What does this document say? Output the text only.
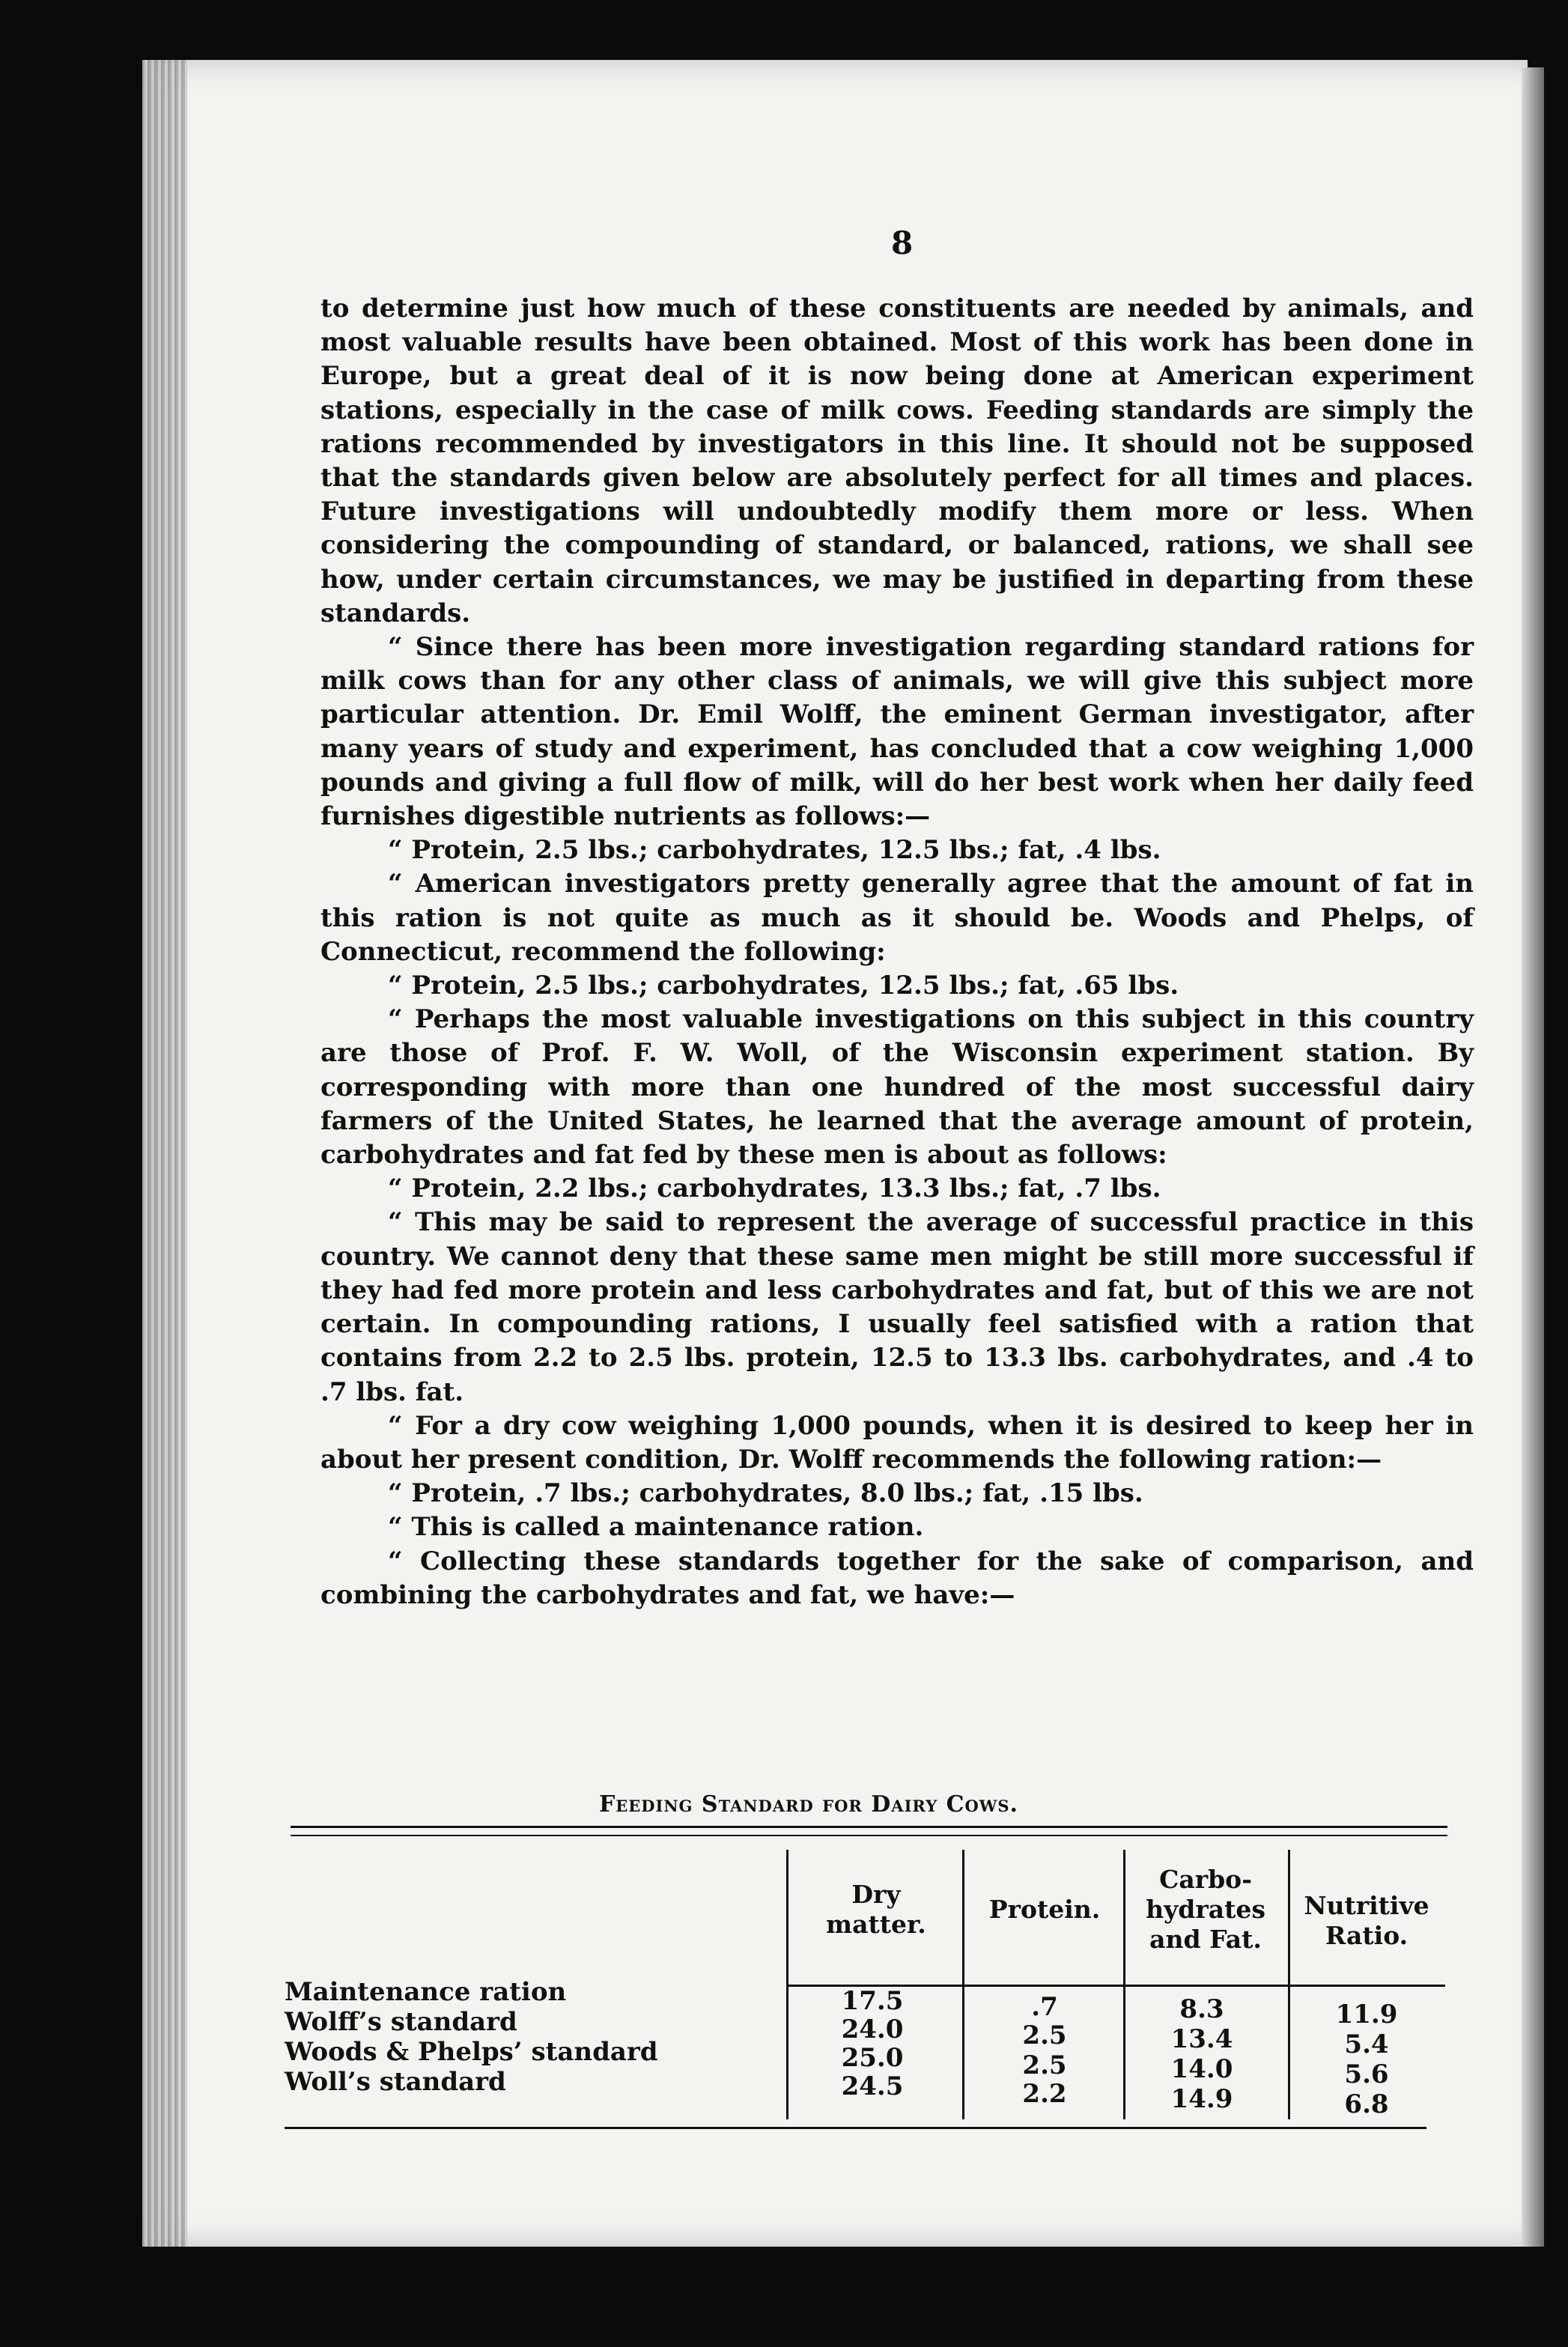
8

to determine just how much of these constituents are needed by animals, and most valuable results have been obtained. Most of this work has been done in Europe, but a great deal of it is now being done at American experiment stations, especially in the case of milk cows. Feeding standards are simply the rations recommended by investigators in this line. It should not be supposed that the standards given below are absolutely perfect for all times and places. Future investigations will undoubtedly modify them more or less. When considering the compounding of standard, or balanced, rations, we shall see how, under certain circumstances, we may be justified in departing from these standards.

“ Since there has been more investigation regarding standard rations for milk cows than for any other class of animals, we will give this subject more particular attention. Dr. Emil Wolff, the eminent German investigator, after many years of study and experiment, has concluded that a cow weighing 1,000 pounds and giving a full flow of milk, will do her best work when her daily feed furnishes digestible nutrients as follows:—

“ Protein, 2.5 lbs.; carbohydrates, 12.5 lbs.; fat, .4 lbs.

“ American investigators pretty generally agree that the amount of fat in this ration is not quite as much as it should be. Woods and Phelps, of Connecticut, recommend the following:

“ Protein, 2.5 lbs.; carbohydrates, 12.5 lbs.; fat, .65 lbs.

“ Perhaps the most valuable investigations on this subject in this country are those of Prof. F. W. Woll, of the Wisconsin experiment station. By corresponding with more than one hundred of the most successful dairy farmers of the United States, he learned that the average amount of protein, carbohydrates and fat fed by these men is about as follows:

“ Protein, 2.2 lbs.; carbohydrates, 13.3 lbs.; fat, .7 lbs.

“ This may be said to represent the average of successful practice in this country. We cannot deny that these same men might be still more successful if they had fed more protein and less carbohydrates and fat, but of this we are not certain. In compounding rations, I usually feel satisfied with a ration that contains from 2.2 to 2.5 lbs. protein, 12.5 to 13.3 lbs. carbohydrates, and .4 to .7 lbs. fat.

“ For a dry cow weighing 1,000 pounds, when it is desired to keep her in about her present condition, Dr. Wolff recommends the following ration:—

“ Protein, .7 lbs.; carbohydrates, 8.0 lbs.; fat, .15 lbs.

“ This is called a maintenance ration.

“ Collecting these standards together for the sake of comparison, and combining the carbohydrates and fat, we have:—

Feeding Standard for Dairy Cows.
Dry matter.
Protein.
Carbo-hydrates and Fat.
Nutritive Ratio.
Maintenance ration
Wolff’s standard
Woods & Phelps’ standard
Woll’s standard
17.5
24.0
25.0
24.5
.7
2.5
2.5
2.2
8.3
13.4
14.0
14.9
11.9
5.4
5.6
6.8
